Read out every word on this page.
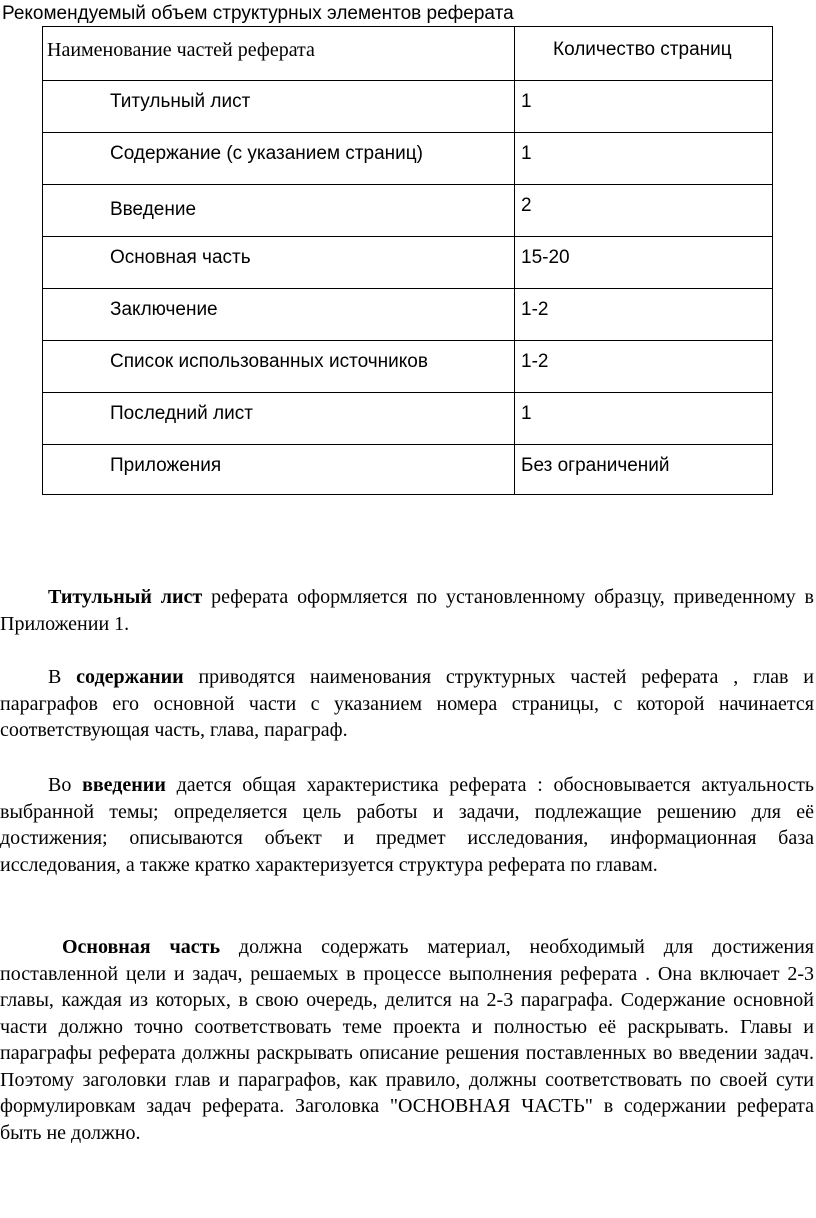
Рекомендуемый объем структурных элементов реферата
Наименование частей реферата	Количество страниц
Титульный лист	1
Содержание (с указанием страниц)	1
Введение	2
Основная часть	15-20
Заключение	1-2
Список использованных источников	1-2
Последний лист	1
Приложения	Без ограничений

Титульный лист реферата оформляется по установленному образцу, приведенному в Приложении 1.

В содержании приводятся наименования структурных частей реферата , глав и параграфов его основной части с указанием номера страницы, с которой начинается соответствующая часть, глава, параграф.

Во введении дается общая характеристика реферата : обосновывается актуальность выбранной темы; определяется цель работы и задачи, подлежащие решению для её достижения; описываются объект и предмет исследования, информационная база исследования, а также кратко характеризуется структура реферата по главам.

Основная часть должна содержать материал, необходимый для достижения поставленной цели и задач, решаемых в процессе выполнения реферата . Она включает 2-3 главы, каждая из которых, в свою очередь, делится на 2-3 параграфа. Содержание основной части должно точно соответствовать теме проекта и полностью её раскрывать. Главы и параграфы реферата должны раскрывать описание решения поставленных во введении задач. Поэтому заголовки глав и параграфов, как правило, должны соответствовать по своей сути формулировкам задач реферата. Заголовка "ОСНОВНАЯ ЧАСТЬ" в содержании реферата быть не должно.
